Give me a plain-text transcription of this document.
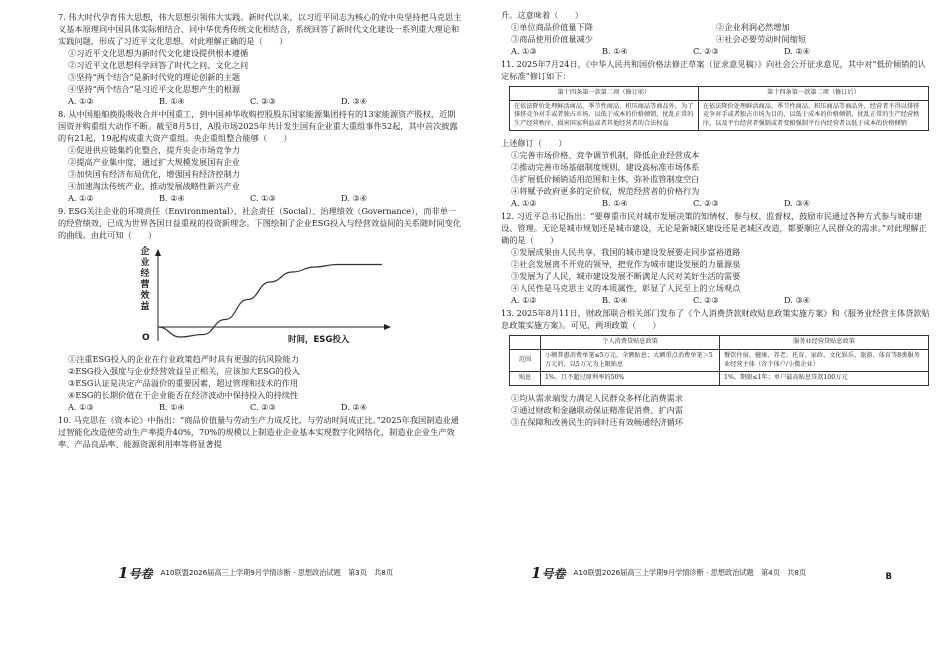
7. 伟大时代孕育伟大思想，伟大思想引领伟大实践。新时代以来，以习近平同志为核心的党中央坚持把马克思主义基本原理同中国具体实际相结合、同中华优秀传统文化相结合，系统回答了新时代文化建设一系列重大理论和实践问题，形成了习近平文化思想。对此理解正确的是（　　）

①习近平文化思想为新时代文化建设提供根本遵循
②习近平文化思想科学回答了时代之问、文化之问
③坚持“两个结合”是新时代党的理论创新的主题
④坚持“两个结合”是习近平文化思想产生的根源
A. ①②	B. ①④	C. ②③	D. ③④

8. 从中国船舶换股吸收合并中国重工，到中国神华收购控股股东国家能源集团持有的13家能源资产股权，近期国资并购重组大动作不断。截至8月5日，A股市场2025年共计发生国有企业重大重组事件52起，其中首次披露的有21起，19起构成重大资产重组。央企重组整合能够（　　）

①促进供应链集约化整合，提升央企市场竞争力
②提高产业集中度，通过扩大规模发展国有企业
③加快国有经济布局优化，增强国有经济控制力
④加速淘汰传统产业，推动发展战略性新兴产业
A. ①②	B. ②④	C. ①③	D. ③④

9. ESG关注企业的环境责任（Environmental）、社会责任（Social）、治理绩效（Governance），而非单一的经营绩效，已成为世界各国日益重视的投资新理念。下图绘制了企业ESG投入与经营效益间的关系随时间变化的曲线。由此可知（　　）

企业经营效益
O	时间，ESG投入
①注重ESG投入的企业在行业政策趋严时具有更强的抗风险能力
②ESG投入强度与企业经营效益呈正相关，应该加大ESG的投入
③ESG认证是决定产品溢价的重要因素，超过管理和技术的作用
④ESG的长期价值在于企业能否在经济波动中保持投入的持续性
A. ①③	B. ①④	C. ②③	D. ②④

10. 马克思在《资本论》中指出：“商品价值量与劳动生产力成反比，与劳动时间成正比。”2025年我国制造业通过智能化改造使劳动生产率提升40%，70%的规模以上制造业企业基本实现数字化网络化，制造业企业生产效率、产品良品率、能源资源利用率等将显著提

1号卷 A10联盟2026届高三上学期9月学情诊断 · 思想政治试题　第3页　共8页

升。这意味着（　　）

①单位商品价值量下降	②企业利润必然增加
③商品使用价值量减少	④社会必要劳动时间缩短
A. ①③	B. ①④	C. ②③	D. ②④

11. 2025年7月24日，《中华人民共和国价格法修正草案（征求意见稿）》向社会公开征求意见，其中对“低价倾销的认定标准”修订如下：

第十四条第一款第二项（修订前）	第十四条第一款第二项（修订后）
在依法降价处理鲜活商品、季节性商品、积压商品等商品外，为了排挤竞争对手或者独占市场，以低于成本的价格倾销，扰乱正常的生产经营秩序，损害国家利益或者其他经营者的合法权益	在依法降价处理鲜活商品、季节性商品、积压商品等商品外，经营者不得以排挤竞争对手或者独占市场为目的，以低于成本的价格倾销，扰乱正常的生产经营秩序，以及平台经营者强制或者变相强制平台内经营者以低于成本的价格倾销

上述修订（　　）

①完善市场价格、竞争调节机制，降低企业经营成本
②推动完善市场基础制度规则，建设高标准市场体系
③扩展低价倾销适用范围和主体，弥补监管制度空白
④将赋予政府更多的定价权，规范经营者的价格行为
A. ①②	B. ①④	C. ②③	D. ③④

12. 习近平总书记指出：“要尊重市民对城市发展决策的知情权、参与权、监督权，鼓励市民通过各种方式参与城市建设、管理。无论是城市规划还是城市建设，无论是新城区建设还是老城区改造，都要顺应人民群众的需求。”对此理解正确的是（　　）

①发展成果由人民共享，我国的城市建设发展要走同步富裕道路
②社会发展离不开党的领导，把党作为城市建设发展的力量源泉
③发展为了人民，城市建设发展不断满足人民对美好生活的需要
④人民性是马克思主义的本质属性，彰显了人民至上的立场观点
A. ①②	B. ①④	C. ②③	D. ③④

13. 2025年8月11日，财政部联合相关部门发布了《个人消费贷款财政贴息政策实施方案》和《服务业经营主体贷款贴息政策实施方案》。可见，两项政策（　　）

	个人消费贷贴息政策	服务业经营贷贴息政策
范围	小额普惠消费单笔≤5万元，全额贴息；大额重点消费单笔＞5万元的，以5万元为上限贴息	餐饮住宿、健康、养老、托育、家政、文化娱乐、旅游、体育等8类服务业经营主体（含个体户/小微企业）
贴息	1%，且不超过原利率的50%	1%，期限≤1年；单户最高贴息贷款100万元
①均从需求端发力满足人民群众多样化消费需求
②通过财政和金融联动保证精准促消费、扩内需
③在保障和改善民生的同时还有效畅通经济循环
1号卷 A10联盟2026届高三上学期9月学情诊断 · 思想政治试题　第4页　共8页	B
